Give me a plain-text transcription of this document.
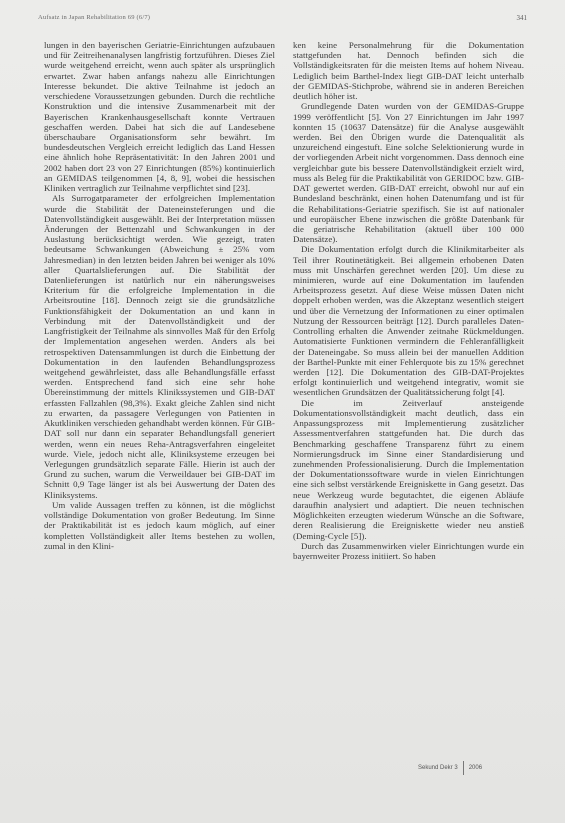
Aufsatz in Japan Rehabilitation 69 (6/7)	341

lungen in den bayerischen Geriatrie-Einrichtungen aufzubauen und für Zeitreihenanalysen langfristig fortzuführen. Dieses Ziel wurde weitgehend erreicht, wenn auch später als ursprünglich erwartet. Zwar haben anfangs nahezu alle Einrichtungen Interesse bekundet. Die aktive Teilnahme ist jedoch an verschiedene Voraussetzungen gebunden. Durch die rechtliche Konstruktion und die intensive Zusammenarbeit mit der Bayerischen Krankenhausgesellschaft konnte Vertrauen geschaffen werden. Dabei hat sich die auf Landesebene überschaubare Organisationsform sehr bewährt. Im bundesdeutschen Vergleich erreicht lediglich das Land Hessen eine ähnlich hohe Repräsentativität: In den Jahren 2001 und 2002 haben dort 23 von 27 Einrichtungen (85%) kontinuierlich an GEMIDAS teilgenommen [4, 8, 9], wobei die hessischen Kliniken vertraglich zur Teilnahme verpflichtet sind [23].

Als Surrogatparameter der erfolgreichen Implementation wurde die Stabilität der Dateneinsteferungen und die Datenvollständigkeit ausgewählt. Bei der Interpretation müssen Änderungen der Bettenzahl und Schwankungen in der Auslastung berücksichtigt werden. Wie gezeigt, traten bedeutsame Schwankungen (Abweichung ± 25% vom Jahresmedian) in den letzten beiden Jahren bei weniger als 10% aller Quartalslieferungen auf. Die Stabilität der Datenlieferungen ist natürlich nur ein näherungsweises Kriterium für die erfolgreiche Implementation in die Arbeitsroutine [18]. Dennoch zeigt sie die grundsätzliche Funktionsfähigkeit der Dokumentation an und kann in Verbindung mit der Datenvollständigkeit und der Langfristigkeit der Teilnahme als sinnvolles Maß für den Erfolg der Implementation angesehen werden. Anders als bei retrospektiven Datensammlungen ist durch die Einbettung der Dokumentation in den laufenden Behandlungsprozess weitgehend gewährleistet, dass alle Behandlungsfälle erfasst werden. Entsprechend fand sich eine sehr hohe Übereinstimmung der mittels Klinikssystemen und GIB-DAT erfassten Fallzahlen (98,3%). Exakt gleiche Zahlen sind nicht zu erwarten, da passagere Verlegungen von Patienten in Akutkliniken verschieden gehandhabt werden können. Für GIB-DAT soll nur dann ein separater Behandlungsfall generiert werden, wenn ein neues Reha-Antragsverfahren eingeleitet wurde. Viele, jedoch nicht alle, Kliniksysteme erzeugen bei Verlegungen grundsätzlich separate Fälle. Hierin ist auch der Grund zu suchen, warum die Verweildauer bei GIB-DAT im Schnitt 0,9 Tage länger ist als bei Auswertung der Daten des Kliniksystems.

Um valide Aussagen treffen zu können, ist die möglichst vollständige Dokumentation von großer Bedeutung. Im Sinne der Praktikabilität ist es jedoch kaum möglich, auf einer kompletten Vollständigkeit aller Items bestehen zu wollen, zumal in den Klini-

ken keine Personalmehrung für die Dokumentation stattgefunden hat. Dennoch befinden sich die Vollständigkeitsraten für die meisten Items auf hohem Niveau. Lediglich beim Barthel-Index liegt GIB-DAT leicht unterhalb der GEMIDAS-Stichprobe, während sie in anderen Bereichen deutlich höher ist.

Grundlegende Daten wurden von der GEMIDAS-Gruppe 1999 veröffentlicht [5]. Von 27 Einrichtungen im Jahr 1997 konnten 15 (10637 Datensätze) für die Analyse ausgewählt werden. Bei den Übrigen wurde die Datenqualität als unzureichend eingestuft. Eine solche Selektionierung wurde in der vorliegenden Arbeit nicht vorgenommen. Dass dennoch eine vergleichbar gute bis bessere Datenvollständigkeit erzielt wird, muss als Beleg für die Praktikabilität von GERIDOC bzw. GIB-DAT gewertet werden. GIB-DAT erreicht, obwohl nur auf ein Bundesland beschränkt, einen hohen Datenumfang und ist für die Rehabilitations-Geriatrie spezifisch. Sie ist auf nationaler und europäischer Ebene inzwischen die größte Datenbank für die geriatrische Rehabilitation (aktuell über 100 000 Datensätze).

Die Dokumentation erfolgt durch die Klinikmitarbeiter als Teil ihrer Routinetätigkeit. Bei allgemein erhobenen Daten muss mit Unschärfen gerechnet werden [20]. Um diese zu minimieren, wurde auf eine Dokumentation im laufenden Arbeitsprozess gesetzt. Auf diese Weise müssen Daten nicht doppelt erhoben werden, was die Akzeptanz wesentlich steigert und über die Vernetzung der Informationen zu einer optimalen Nutzung der Ressourcen beiträgt [12]. Durch paralleles Daten-Controlling erhalten die Anwender zeitnahe Rückmeldungen. Automatisierte Funktionen vermindern die Fehleranfälligkeit der Dateneingabe. So muss allein bei der manuellen Addition der Barthel-Punkte mit einer Fehlerquote bis zu 15% gerechnet werden [12]. Die Dokumentation des GIB-DAT-Projektes erfolgt kontinuierlich und weitgehend integrativ, womit sie wesentlichen Grundsätzen der Qualitätssicherung folgt [4].

Die im Zeitverlauf ansteigende Dokumentationsvollständigkeit macht deutlich, dass ein Anpassungsprozess mit Implementierung zusätzlicher Assessmentverfahren stattgefunden hat. Die durch das Benchmarking geschaffene Transparenz führt zu einem Normierungsdruck im Sinne einer Standardisierung und zunehmenden Professionalisierung. Durch die Implementation der Dokumentationssoftware wurde in vielen Einrichtungen eine sich selbst verstärkende Ereigniskette in Gang gesetzt. Das neue Werkzeug wurde begutachtet, die eigenen Abläufe daraufhin analysiert und adaptiert. Die neuen technischen Möglichkeiten erzeugten wiederum Wünsche an die Software, deren Realisierung die Ereigniskette wieder neu anstieß (Deming-Cycle [5]).

Durch das Zusammenwirken vieler Einrichtungen wurde ein bayernweiter Prozess initiiert. So haben

Sekund Dekr 3 2006
